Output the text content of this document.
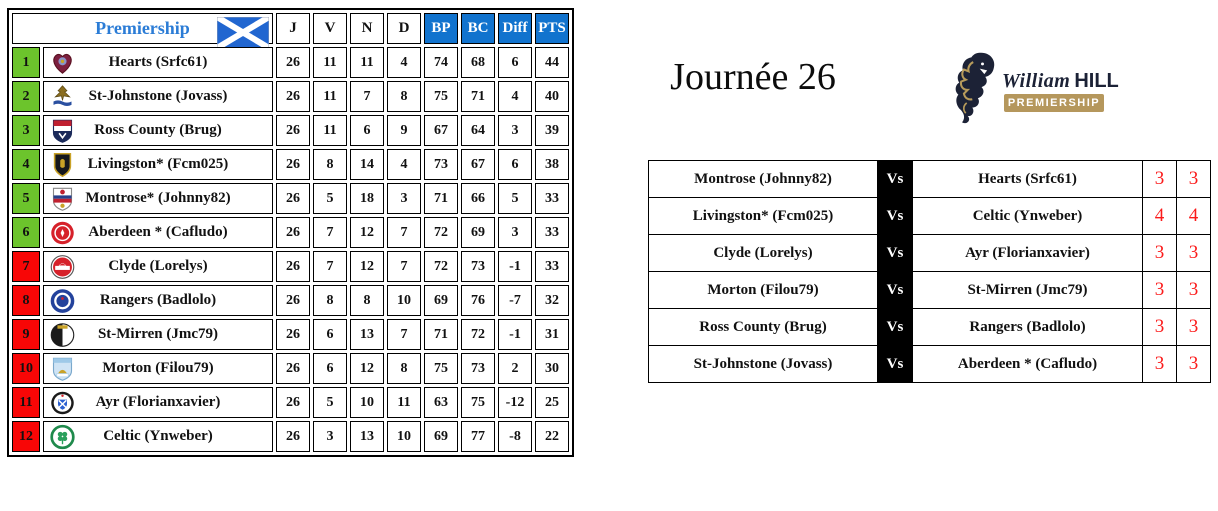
Premiership		J	V	N	D	BP	BC	Diff	PTS
1	Hearts (Srfc61)	26	11	11	4	74	68	6	44
2	St-Johnstone (Jovass)	26	11	7	8	75	71	4	40
3	Ross County (Brug)	26	11	6	9	67	64	3	39
4	Livingston* (Fcm025)	26	8	14	4	73	67	6	38
5	Montrose* (Johnny82)	26	5	18	3	71	66	5	33
6	Aberdeen * (Cafludo)	26	7	12	7	72	69	3	33
7	Clyde (Lorelys)	26	7	12	7	72	73	-1	33
8	Rangers (Badlolo)	26	8	8	10	69	76	-7	32
9	St-Mirren (Jmc79)	26	6	13	7	71	72	-1	31
10	Morton (Filou79)	26	6	12	8	75	73	2	30
11	Ayr (Florianxavier)	26	5	10	11	63	75	-12	25
12	Celtic (Ynweber)	26	3	13	10	69	77	-8	22
Journée 26	William HILL
PREMIERSHIP
Montrose (Johnny82)	Vs	Hearts (Srfc61)	3	3
Livingston* (Fcm025)	Vs	Celtic (Ynweber)	4	4
Clyde (Lorelys)	Vs	Ayr (Florianxavier)	3	3
Morton (Filou79)	Vs	St-Mirren (Jmc79)	3	3
Ross County (Brug)	Vs	Rangers (Badlolo)	3	3
St-Johnstone (Jovass)	Vs	Aberdeen * (Cafludo)	3	3
